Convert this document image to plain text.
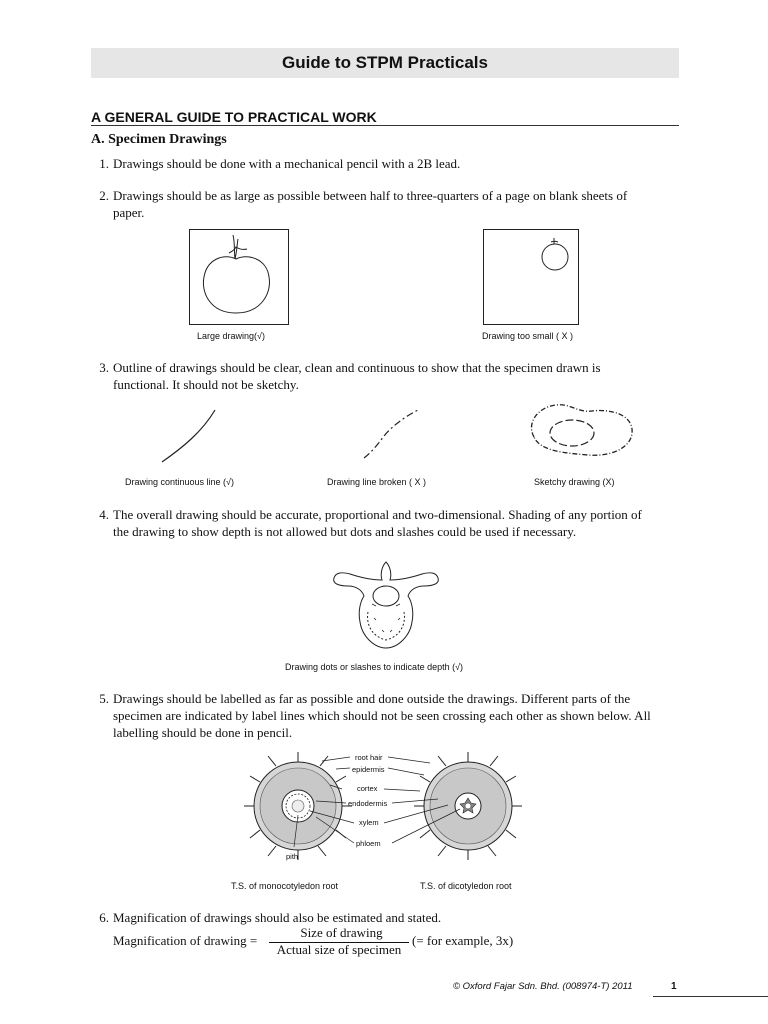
Guide to STPM Practicals
A GENERAL GUIDE TO PRACTICAL WORK
A. Specimen Drawings
1. Drawings should be done with a mechanical pencil with a 2B lead.
2. Drawings should be as large as possible between half to three-quarters of a page on blank sheets of paper.
Large drawing(√)	Drawing too small ( X )
3. Outline of drawings should be clear, clean and continuous to show that the specimen drawn is functional. It should not be sketchy.
Drawing continuous line (√)	Drawing line broken ( X )	Sketchy drawing (X)
4. The overall drawing should be accurate, proportional and two-dimensional. Shading of any portion of the drawing to show depth is not allowed but dots and slashes could be used if necessary.
Drawing dots or slashes to indicate depth (√)
5. Drawings should be labelled as far as possible and done outside the drawings. Different parts of the specimen are indicated by label lines which should not be seen crossing each other as shown below. All labelling should be done in pencil.
root hair
epidermis
cortex
endodermis
xylem
phloem
pith
T.S. of monocotyledon root	T.S. of dicotyledon root
6. Magnification of drawings should also be estimated and stated.
Magnification of drawing =
Size of drawing
Actual size of specimen
(= for example, 3x)
© Oxford Fajar Sdn. Bhd. (008974-T) 2011	1
